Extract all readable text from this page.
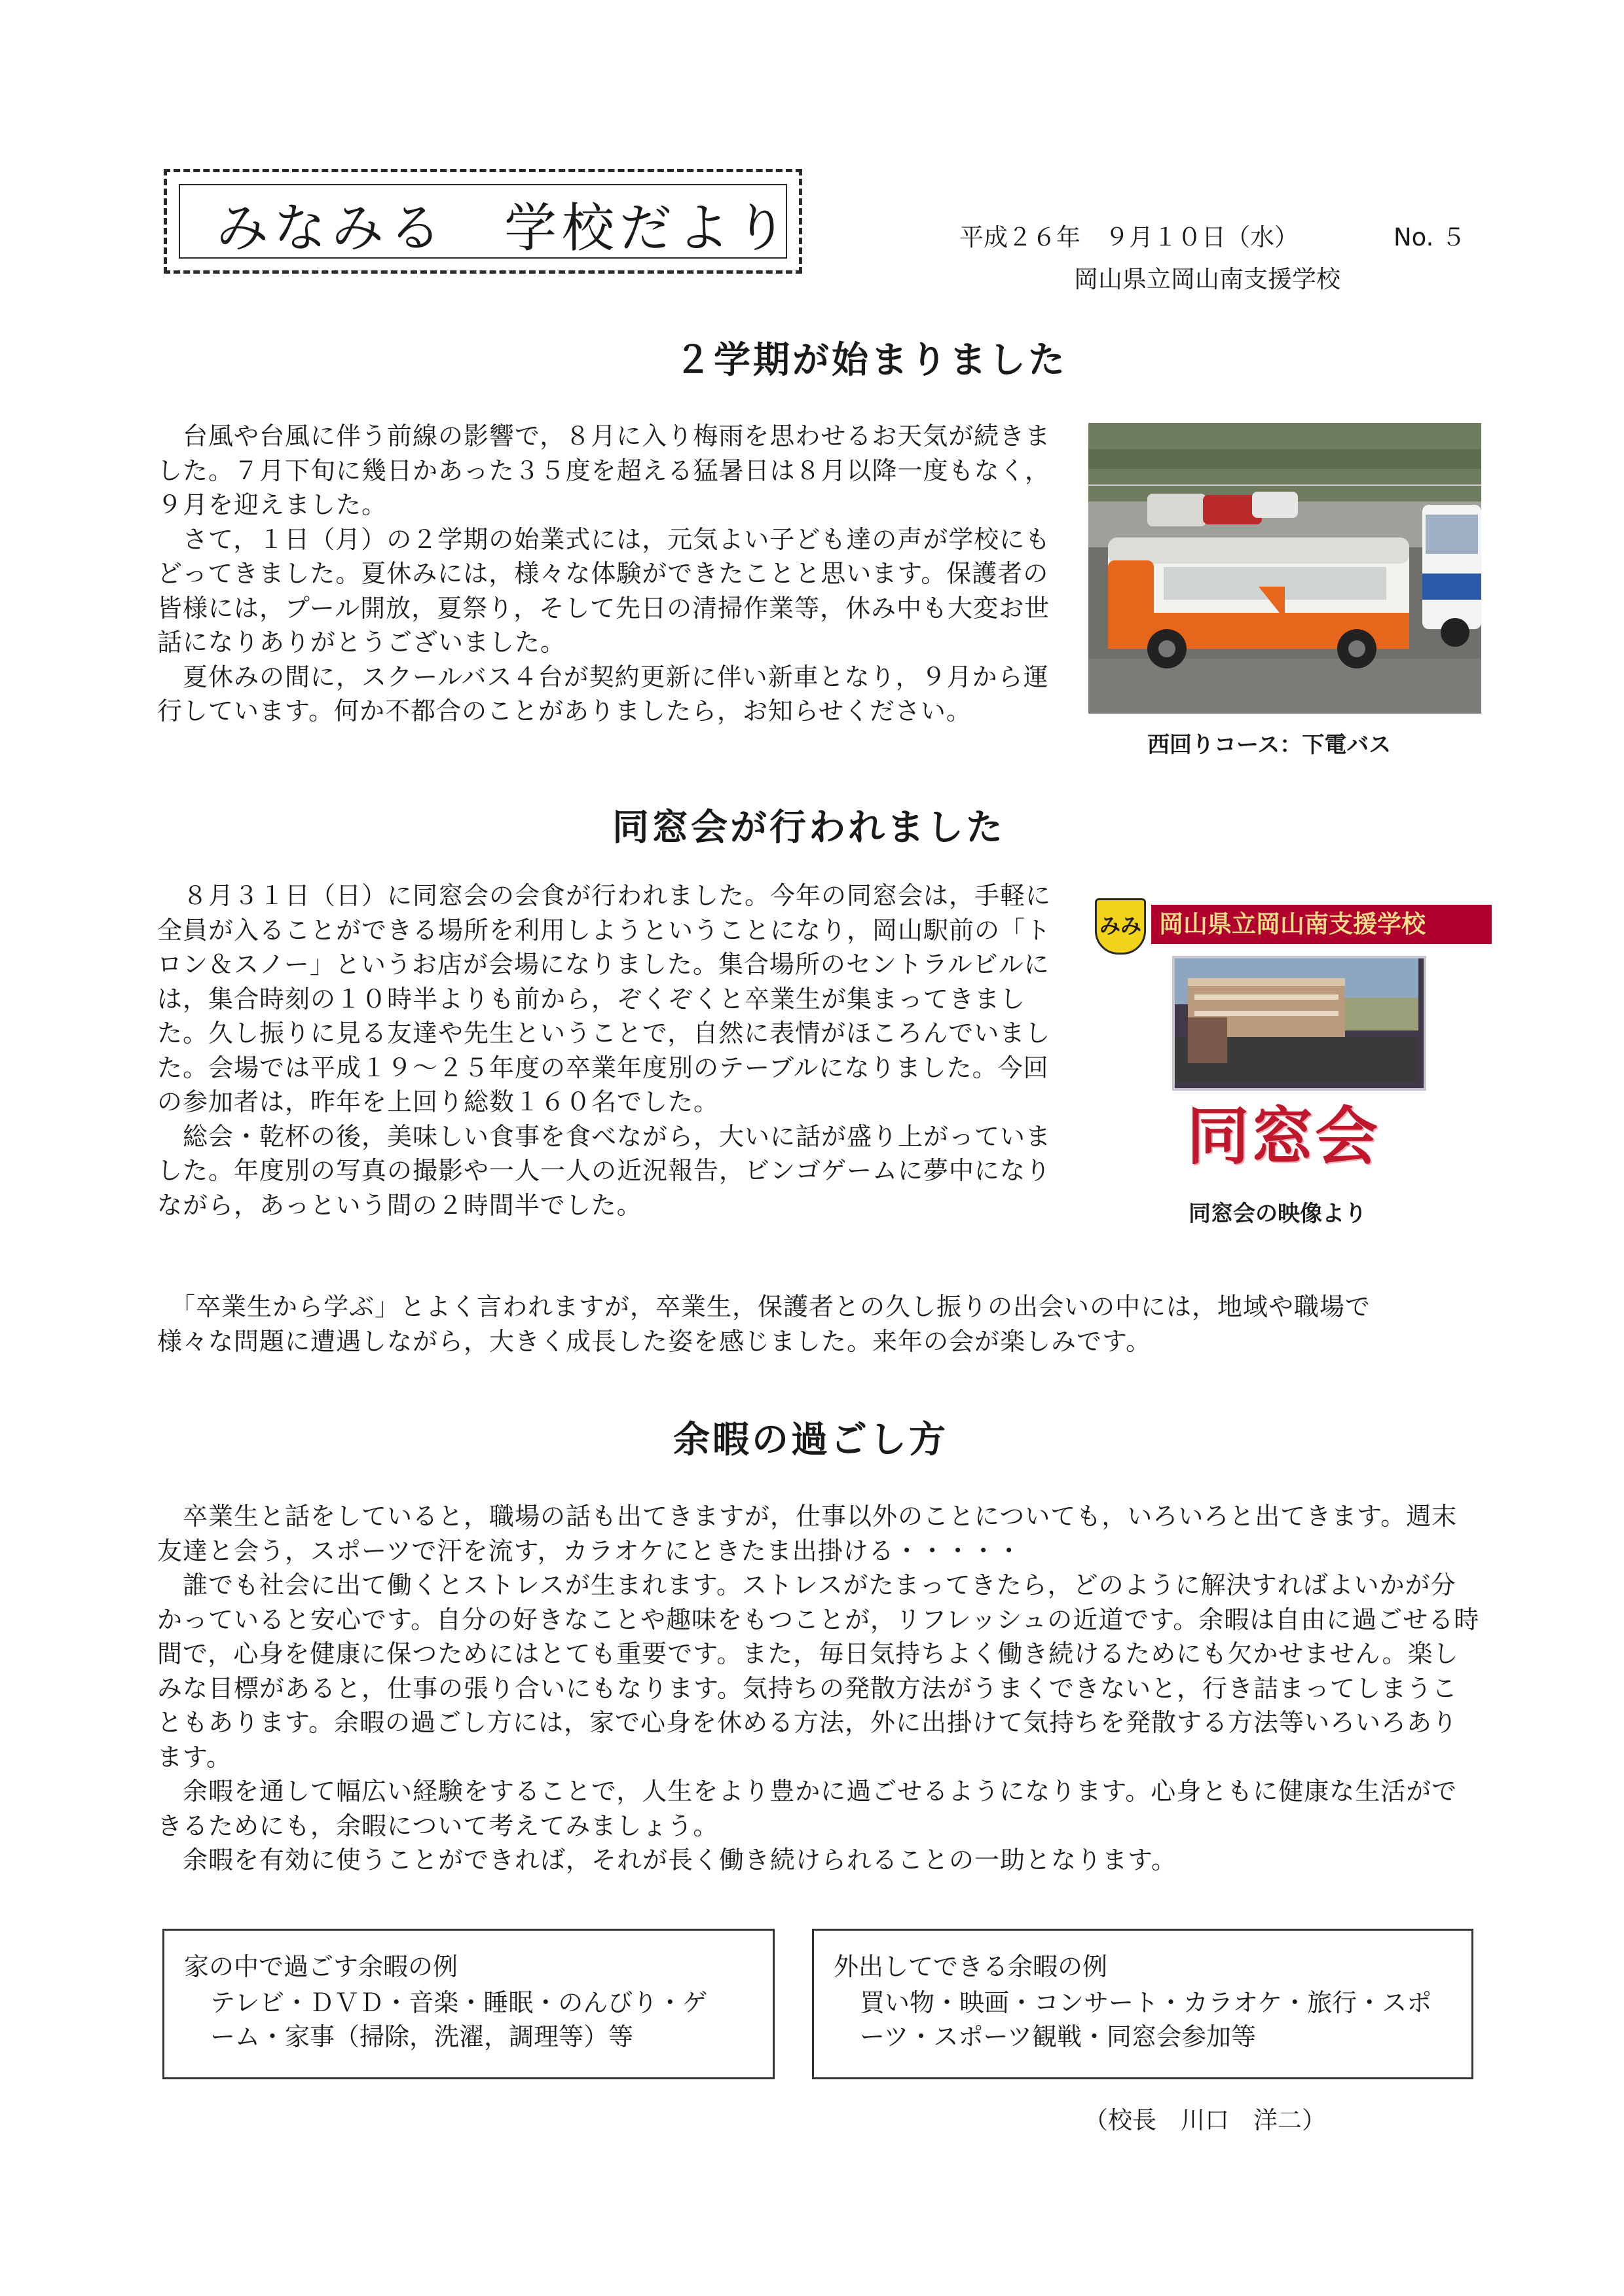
みなみる　学校だより	平成２６年　９月１０日（水）	No. ５
岡山県立岡山南支援学校
２学期が始まりました

　台風や台風に伴う前線の影響で，８月に入り梅雨を思わせるお天気が続きました。７月下旬に幾日かあった３５度を超える猛暑日は８月以降一度もなく，９月を迎えました。

　さて，１日（月）の２学期の始業式には，元気よい子ども達の声が学校にもどってきました。夏休みには，様々な体験ができたことと思います。保護者の皆様には，プール開放，夏祭り，そして先日の清掃作業等，休み中も大変お世話になりありがとうございました。

　夏休みの間に，スクールバス４台が契約更新に伴い新車となり，９月から運行しています。何か不都合のことがありましたら，お知らせください。

西回りコース：下電バス
同窓会が行われました

　８月３１日（日）に同窓会の会食が行われました。今年の同窓会は，手軽に全員が入ることができる場所を利用しようということになり，岡山駅前の「トロン＆スノー」というお店が会場になりました。集合場所のセントラルビルには，集合時刻の１０時半よりも前から，ぞくぞくと卒業生が集まってきました。久し振りに見る友達や先生ということで，自然に表情がほころんでいました。会場では平成１９～２５年度の卒業年度別のテーブルになりました。今回の参加者は，昨年を上回り総数１６０名でした。

　総会・乾杯の後，美味しい食事を食べながら，大いに話が盛り上がっていました。年度別の写真の撮影や一人一人の近況報告，ビンゴゲームに夢中になりながら，あっという間の２時間半でした。

　「卒業生から学ぶ」とよく言われますが，卒業生，保護者との久し振りの出会いの中には，地域や職場で様々な問題に遭遇しながら，大きく成長した姿を感じました。来年の会が楽しみです。

みみ 岡山県立岡山南支援学校
同窓会
同窓会の映像より
余暇の過ごし方

　卒業生と話をしていると，職場の話も出てきますが，仕事以外のことについても，いろいろと出てきます。週末友達と会う，スポーツで汗を流す，カラオケにときたま出掛ける・・・・・

　誰でも社会に出て働くとストレスが生まれます。ストレスがたまってきたら，どのように解決すればよいかが分かっていると安心です。自分の好きなことや趣味をもつことが，リフレッシュの近道です。余暇は自由に過ごせる時間で，心身を健康に保つためにはとても重要です。また，毎日気持ちよく働き続けるためにも欠かせません。楽しみな目標があると，仕事の張り合いにもなります。気持ちの発散方法がうまくできないと，行き詰まってしまうこともあります。余暇の過ごし方には，家で心身を休める方法，外に出掛けて気持ちを発散する方法等いろいろあります。

　余暇を通して幅広い経験をすることで，人生をより豊かに過ごせるようになります。心身ともに健康な生活ができるためにも，余暇について考えてみましょう。

　余暇を有効に使うことができれば，それが長く働き続けられることの一助となります。

家の中で過ごす余暇の例
テレビ・ＤＶＤ・音楽・睡眠・のんびり・ゲーム・家事（掃除，洗濯，調理等）等
外出してできる余暇の例
買い物・映画・コンサート・カラオケ・旅行・スポーツ・スポーツ観戦・同窓会参加等
（校長　川口　洋二）
